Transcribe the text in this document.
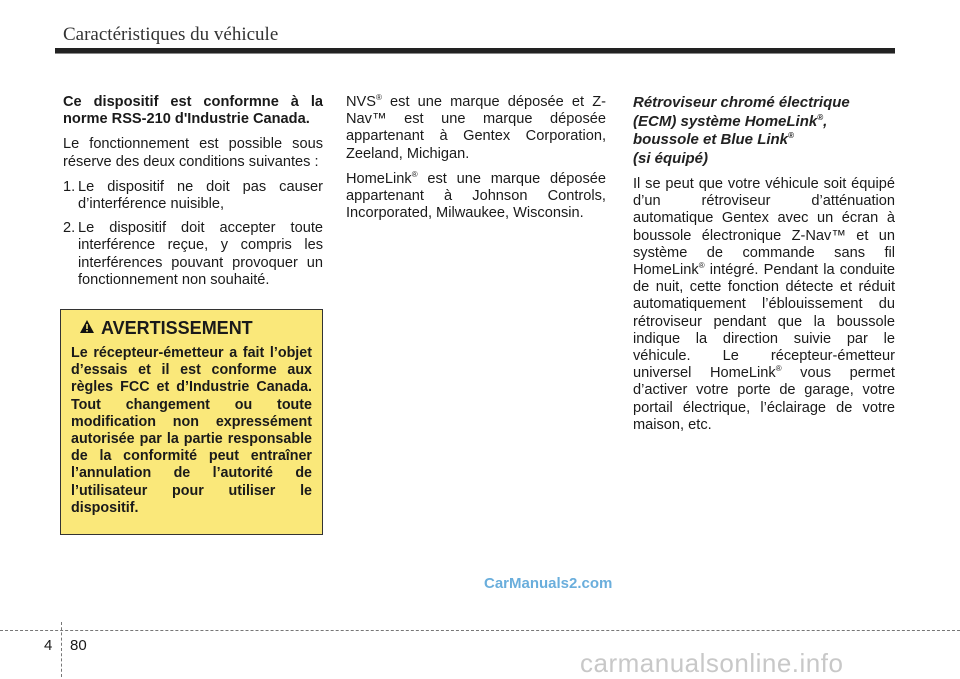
Caractéristiques du véhicule

Ce dispositif est conformne à la norme RSS-210 d'Industrie Canada.

Le fonctionnement est possible sous réserve des deux conditions suivantes :

1. Le dispositif ne doit pas causer d’interférence nuisible,
2. Le dispositif doit accepter toute interférence reçue, y compris les interférences pouvant provoquer un fonctionnement non souhaité.
AVERTISSEMENT
Le récepteur-émetteur a fait l’objet d’essais et il est conforme aux règles FCC et d’Industrie Canada. Tout changement ou toute modification non expressément autorisée par la partie responsable de la conformité peut entraîner l’annulation de l’autorité de l’utilisateur pour utiliser le dispositif.

NVS® est une marque déposée et Z-Nav™ est une marque déposée appartenant à Gentex Corporation, Zeeland, Michigan.

HomeLink® est une marque déposée appartenant à Johnson Controls, Incorporated, Milwaukee, Wisconsin.

Rétroviseur chromé électrique
(ECM) système HomeLink®,
boussole et Blue Link®
(si équipé)

Il se peut que votre véhicule soit équipé d’un rétroviseur d’atténuation automatique Gentex avec un écran à boussole électronique Z-Nav™ et un système de commande sans fil HomeLink® intégré. Pendant la conduite de nuit, cette fonction détecte et réduit automatiquement l’éblouissement du rétroviseur pendant que la boussole indique la direction suivie par le véhicule. Le récepteur-émetteur universel HomeLink® vous permet d’activer votre porte de garage, votre portail électrique, l’éclairage de votre maison, etc.

CarManuals2.com
4 80
carmanualsonline.info
